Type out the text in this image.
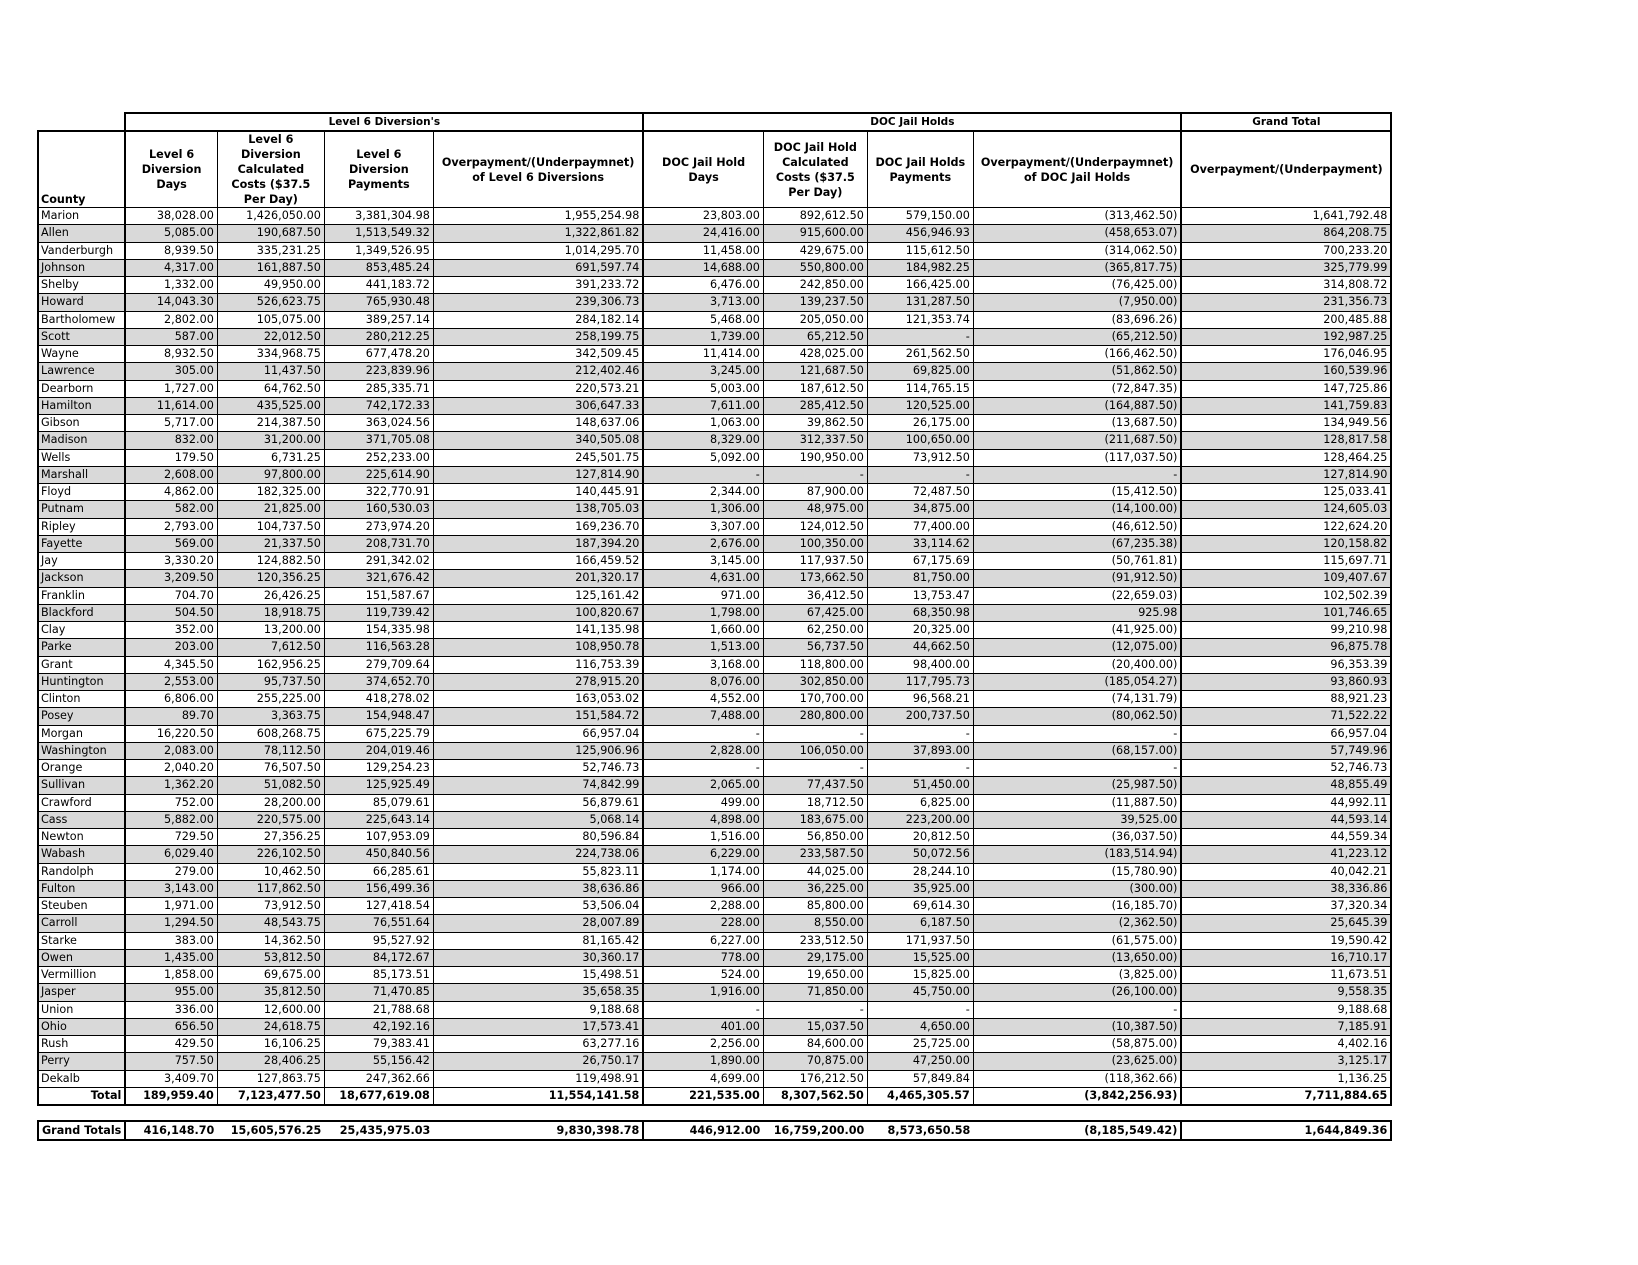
	Level 6 Diversion's				DOC Jail Holds				Grand Total
County	Level 6 Diversion Days	Level 6 Diversion Calculated Costs ($37.5 Per Day)	Level 6 Diversion Payments	Overpayment/(Underpaymnet) of Level 6 Diversions	DOC Jail Hold Days	DOC Jail Hold Calculated Costs ($37.5 Per Day)	DOC Jail Holds Payments	Overpayment/(Underpaymnet) of DOC Jail Holds	Overpayment/(Underpayment)
Marion	38,028.00	1,426,050.00	3,381,304.98	1,955,254.98	23,803.00	892,612.50	579,150.00	(313,462.50)	1,641,792.48
Allen	5,085.00	190,687.50	1,513,549.32	1,322,861.82	24,416.00	915,600.00	456,946.93	(458,653.07)	864,208.75
Vanderburgh	8,939.50	335,231.25	1,349,526.95	1,014,295.70	11,458.00	429,675.00	115,612.50	(314,062.50)	700,233.20
Johnson	4,317.00	161,887.50	853,485.24	691,597.74	14,688.00	550,800.00	184,982.25	(365,817.75)	325,779.99
Shelby	1,332.00	49,950.00	441,183.72	391,233.72	6,476.00	242,850.00	166,425.00	(76,425.00)	314,808.72
Howard	14,043.30	526,623.75	765,930.48	239,306.73	3,713.00	139,237.50	131,287.50	(7,950.00)	231,356.73
Bartholomew	2,802.00	105,075.00	389,257.14	284,182.14	5,468.00	205,050.00	121,353.74	(83,696.26)	200,485.88
Scott	587.00	22,012.50	280,212.25	258,199.75	1,739.00	65,212.50	-	(65,212.50)	192,987.25
Wayne	8,932.50	334,968.75	677,478.20	342,509.45	11,414.00	428,025.00	261,562.50	(166,462.50)	176,046.95
Lawrence	305.00	11,437.50	223,839.96	212,402.46	3,245.00	121,687.50	69,825.00	(51,862.50)	160,539.96
Dearborn	1,727.00	64,762.50	285,335.71	220,573.21	5,003.00	187,612.50	114,765.15	(72,847.35)	147,725.86
Hamilton	11,614.00	435,525.00	742,172.33	306,647.33	7,611.00	285,412.50	120,525.00	(164,887.50)	141,759.83
Gibson	5,717.00	214,387.50	363,024.56	148,637.06	1,063.00	39,862.50	26,175.00	(13,687.50)	134,949.56
Madison	832.00	31,200.00	371,705.08	340,505.08	8,329.00	312,337.50	100,650.00	(211,687.50)	128,817.58
Wells	179.50	6,731.25	252,233.00	245,501.75	5,092.00	190,950.00	73,912.50	(117,037.50)	128,464.25
Marshall	2,608.00	97,800.00	225,614.90	127,814.90	-	-	-	-	127,814.90
Floyd	4,862.00	182,325.00	322,770.91	140,445.91	2,344.00	87,900.00	72,487.50	(15,412.50)	125,033.41
Putnam	582.00	21,825.00	160,530.03	138,705.03	1,306.00	48,975.00	34,875.00	(14,100.00)	124,605.03
Ripley	2,793.00	104,737.50	273,974.20	169,236.70	3,307.00	124,012.50	77,400.00	(46,612.50)	122,624.20
Fayette	569.00	21,337.50	208,731.70	187,394.20	2,676.00	100,350.00	33,114.62	(67,235.38)	120,158.82
Jay	3,330.20	124,882.50	291,342.02	166,459.52	3,145.00	117,937.50	67,175.69	(50,761.81)	115,697.71
Jackson	3,209.50	120,356.25	321,676.42	201,320.17	4,631.00	173,662.50	81,750.00	(91,912.50)	109,407.67
Franklin	704.70	26,426.25	151,587.67	125,161.42	971.00	36,412.50	13,753.47	(22,659.03)	102,502.39
Blackford	504.50	18,918.75	119,739.42	100,820.67	1,798.00	67,425.00	68,350.98	925.98	101,746.65
Clay	352.00	13,200.00	154,335.98	141,135.98	1,660.00	62,250.00	20,325.00	(41,925.00)	99,210.98
Parke	203.00	7,612.50	116,563.28	108,950.78	1,513.00	56,737.50	44,662.50	(12,075.00)	96,875.78
Grant	4,345.50	162,956.25	279,709.64	116,753.39	3,168.00	118,800.00	98,400.00	(20,400.00)	96,353.39
Huntington	2,553.00	95,737.50	374,652.70	278,915.20	8,076.00	302,850.00	117,795.73	(185,054.27)	93,860.93
Clinton	6,806.00	255,225.00	418,278.02	163,053.02	4,552.00	170,700.00	96,568.21	(74,131.79)	88,921.23
Posey	89.70	3,363.75	154,948.47	151,584.72	7,488.00	280,800.00	200,737.50	(80,062.50)	71,522.22
Morgan	16,220.50	608,268.75	675,225.79	66,957.04	-	-	-	-	66,957.04
Washington	2,083.00	78,112.50	204,019.46	125,906.96	2,828.00	106,050.00	37,893.00	(68,157.00)	57,749.96
Orange	2,040.20	76,507.50	129,254.23	52,746.73	-	-	-	-	52,746.73
Sullivan	1,362.20	51,082.50	125,925.49	74,842.99	2,065.00	77,437.50	51,450.00	(25,987.50)	48,855.49
Crawford	752.00	28,200.00	85,079.61	56,879.61	499.00	18,712.50	6,825.00	(11,887.50)	44,992.11
Cass	5,882.00	220,575.00	225,643.14	5,068.14	4,898.00	183,675.00	223,200.00	39,525.00	44,593.14
Newton	729.50	27,356.25	107,953.09	80,596.84	1,516.00	56,850.00	20,812.50	(36,037.50)	44,559.34
Wabash	6,029.40	226,102.50	450,840.56	224,738.06	6,229.00	233,587.50	50,072.56	(183,514.94)	41,223.12
Randolph	279.00	10,462.50	66,285.61	55,823.11	1,174.00	44,025.00	28,244.10	(15,780.90)	40,042.21
Fulton	3,143.00	117,862.50	156,499.36	38,636.86	966.00	36,225.00	35,925.00	(300.00)	38,336.86
Steuben	1,971.00	73,912.50	127,418.54	53,506.04	2,288.00	85,800.00	69,614.30	(16,185.70)	37,320.34
Carroll	1,294.50	48,543.75	76,551.64	28,007.89	228.00	8,550.00	6,187.50	(2,362.50)	25,645.39
Starke	383.00	14,362.50	95,527.92	81,165.42	6,227.00	233,512.50	171,937.50	(61,575.00)	19,590.42
Owen	1,435.00	53,812.50	84,172.67	30,360.17	778.00	29,175.00	15,525.00	(13,650.00)	16,710.17
Vermillion	1,858.00	69,675.00	85,173.51	15,498.51	524.00	19,650.00	15,825.00	(3,825.00)	11,673.51
Jasper	955.00	35,812.50	71,470.85	35,658.35	1,916.00	71,850.00	45,750.00	(26,100.00)	9,558.35
Union	336.00	12,600.00	21,788.68	9,188.68	-	-	-	-	9,188.68
Ohio	656.50	24,618.75	42,192.16	17,573.41	401.00	15,037.50	4,650.00	(10,387.50)	7,185.91
Rush	429.50	16,106.25	79,383.41	63,277.16	2,256.00	84,600.00	25,725.00	(58,875.00)	4,402.16
Perry	757.50	28,406.25	55,156.42	26,750.17	1,890.00	70,875.00	47,250.00	(23,625.00)	3,125.17
Dekalb	3,409.70	127,863.75	247,362.66	119,498.91	4,699.00	176,212.50	57,849.84	(118,362.66)	1,136.25
Total	189,959.40	7,123,477.50	18,677,619.08	11,554,141.58	221,535.00	8,307,562.50	4,465,305.57	(3,842,256.93)	7,711,884.65

Grand Totals	416,148.70	15,605,576.25	25,435,975.03	9,830,398.78	446,912.00	16,759,200.00	8,573,650.58	(8,185,549.42)	1,644,849.36
